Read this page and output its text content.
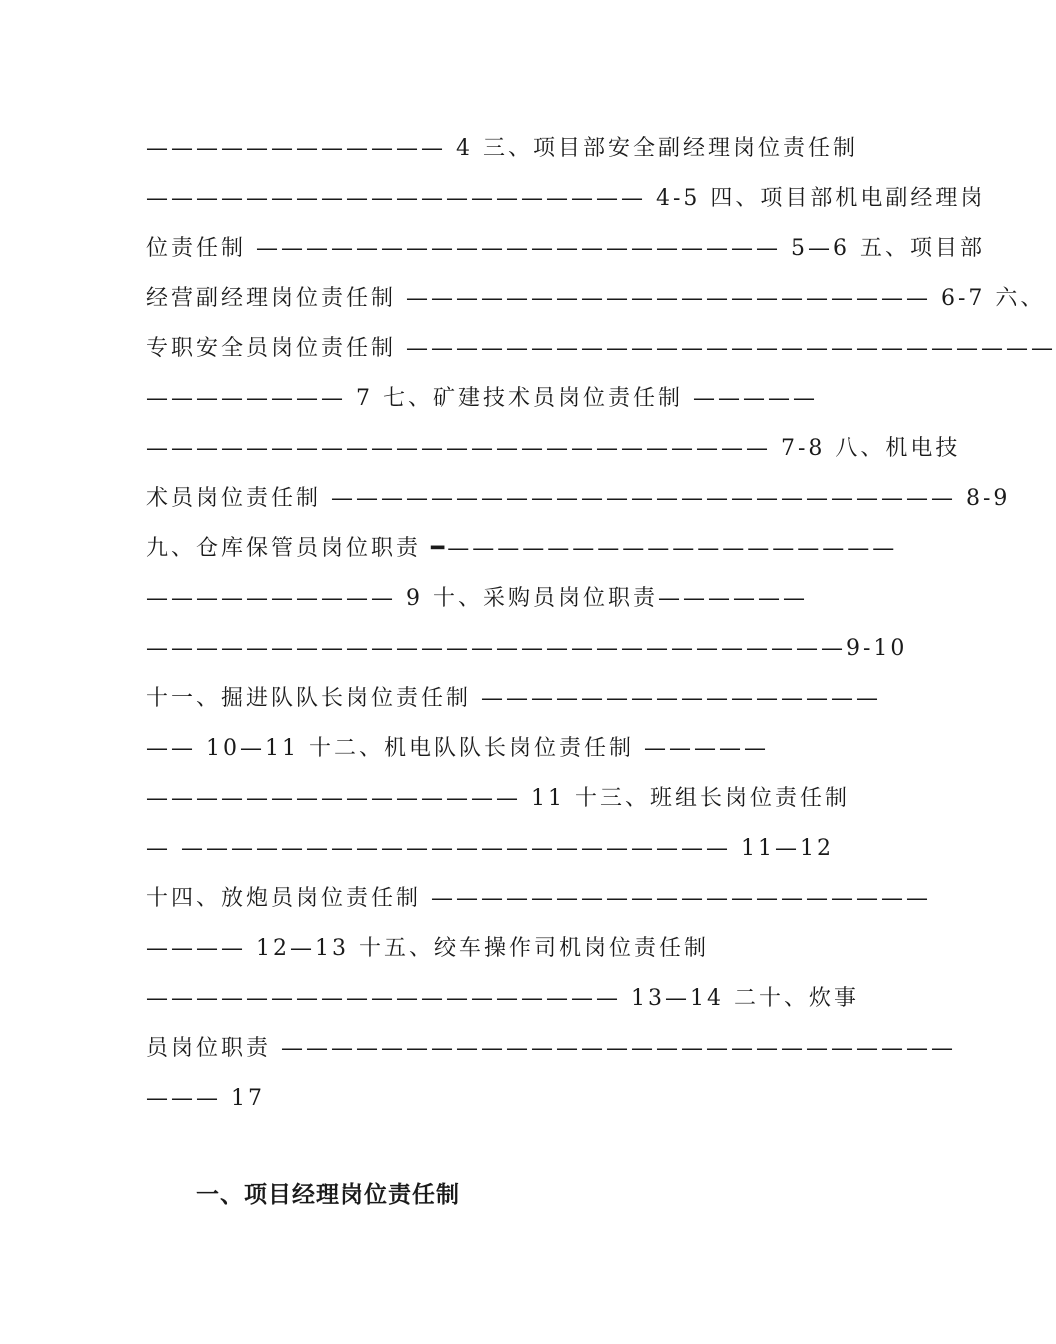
———————————— 4 三、项目部安全副经理岗位责任制
———————————————————— 4-5 四、项目部机电副经理岗
位责任制 ————————————————————— 5—6 五、项目部
经营副经理岗位责任制 ————————————————————— 6-7 六、
专职安全员岗位责任制 ——————————————————————————
———————— 7 七、矿建技术员岗位责任制 —————
————————————————————————— 7-8 八、机电技
术员岗位责任制 ————————————————————————— 8-9
九、仓库保管员岗位职责 ━——————————————————
—————————— 9 十、采购员岗位职责——————
———————————————————————————— 9-10
十一、掘进队队长岗位责任制 ————————————————
—— 10—11 十二、机电队队长岗位责任制 —————
——————————————— 11 十三、班组长岗位责任制
— —————————————————————— 11—12
十四、放炮员岗位责任制 ————————————————————
———— 12—13 十五、绞车操作司机岗位责任制
——————————————————— 13—14 二十、炊事
员岗位职责 ———————————————————————————
——— 17
一、项目经理岗位责任制
